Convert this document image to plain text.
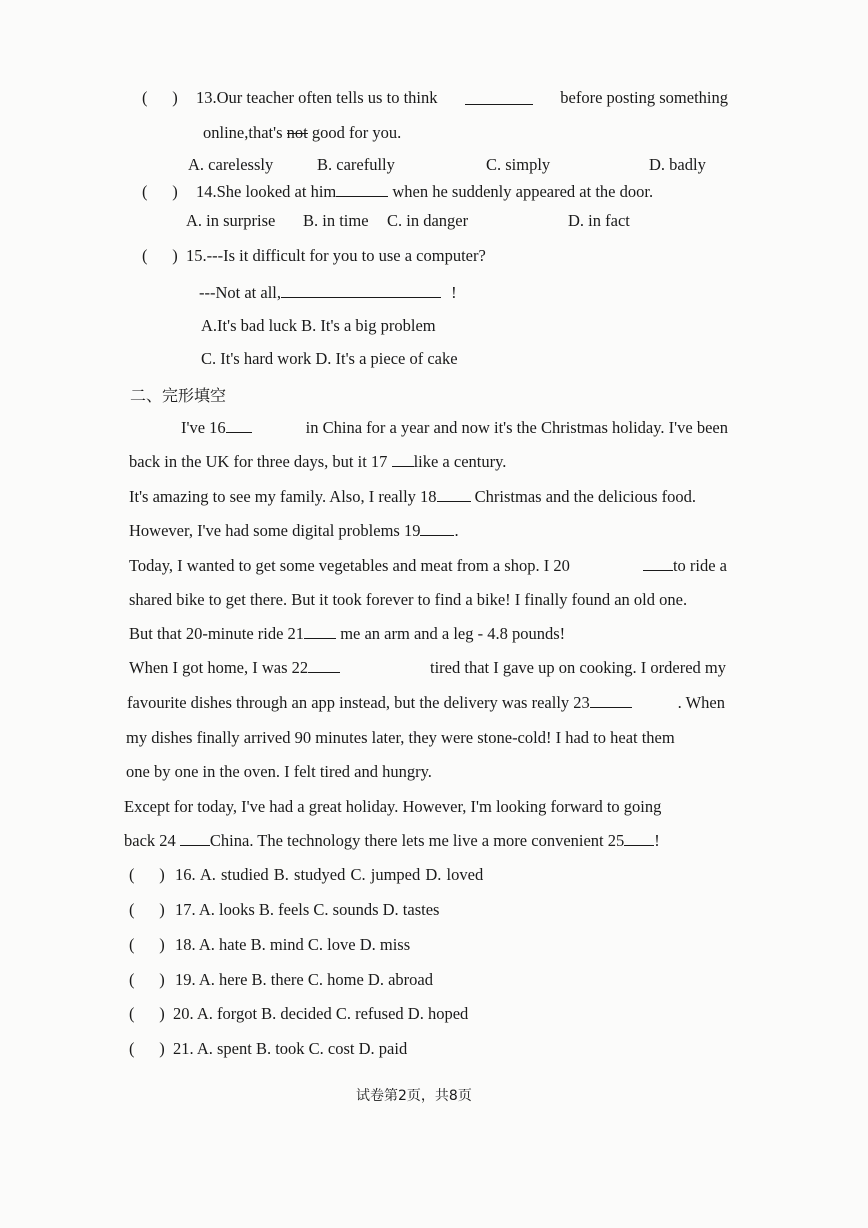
(      ) 13.Our teacher often tells us to think	before posting something
online,that's not good for you.
A. carelessly	B. carefully	C. simply	D. badly
(      ) 14.She looked at him	when he suddenly appeared at the door.
A. in surprise B. in time C. in danger	D. in fact
(      ) 15.---Is it difficult for you to use a computer?
---Not at all,	!
A.It's bad luck B. It's a big problem
C. It's hard work D. It's a piece of cake
二、完形填空
I've 16	in China for a year and now it's the Christmas holiday. I've been
back in the UK for three days, but it 17 like a century.
It's amazing to see my family. Also, I really 18 Christmas and the delicious food.
However, I've had some digital problems 19 .
Today, I wanted to get some vegetables and meat from a shop. I 20	to ride a
shared bike to get there. But it took forever to find a bike! I finally found an old one.
But that 20-minute ride 21 me an arm and a leg - 4.8 pounds!
When I got home, I was 22	tired that I gave up on cooking. I ordered my
favourite dishes through an app instead, but the delivery was really 23	. When
my dishes finally arrived 90 minutes later, they were stone-cold! I had to heat them
one by one in the oven. I felt tired and hungry.
Except for today, I've had a great holiday. However, I'm looking forward to going
back 24 China. The technology there lets me live a more convenient 25 !
(      ) 16. A. studied B. studyed C. jumped D. loved
(      ) 17. A. looks B. feels C. sounds D. tastes
(      ) 18. A. hate B. mind C. love D. miss
(      ) 19. A. here B. there C. home D. abroad
(      ) 20. A. forgot B. decided C. refused D. hoped
(      ) 21. A. spent B. took C. cost D. paid
试卷第2页，共8页
